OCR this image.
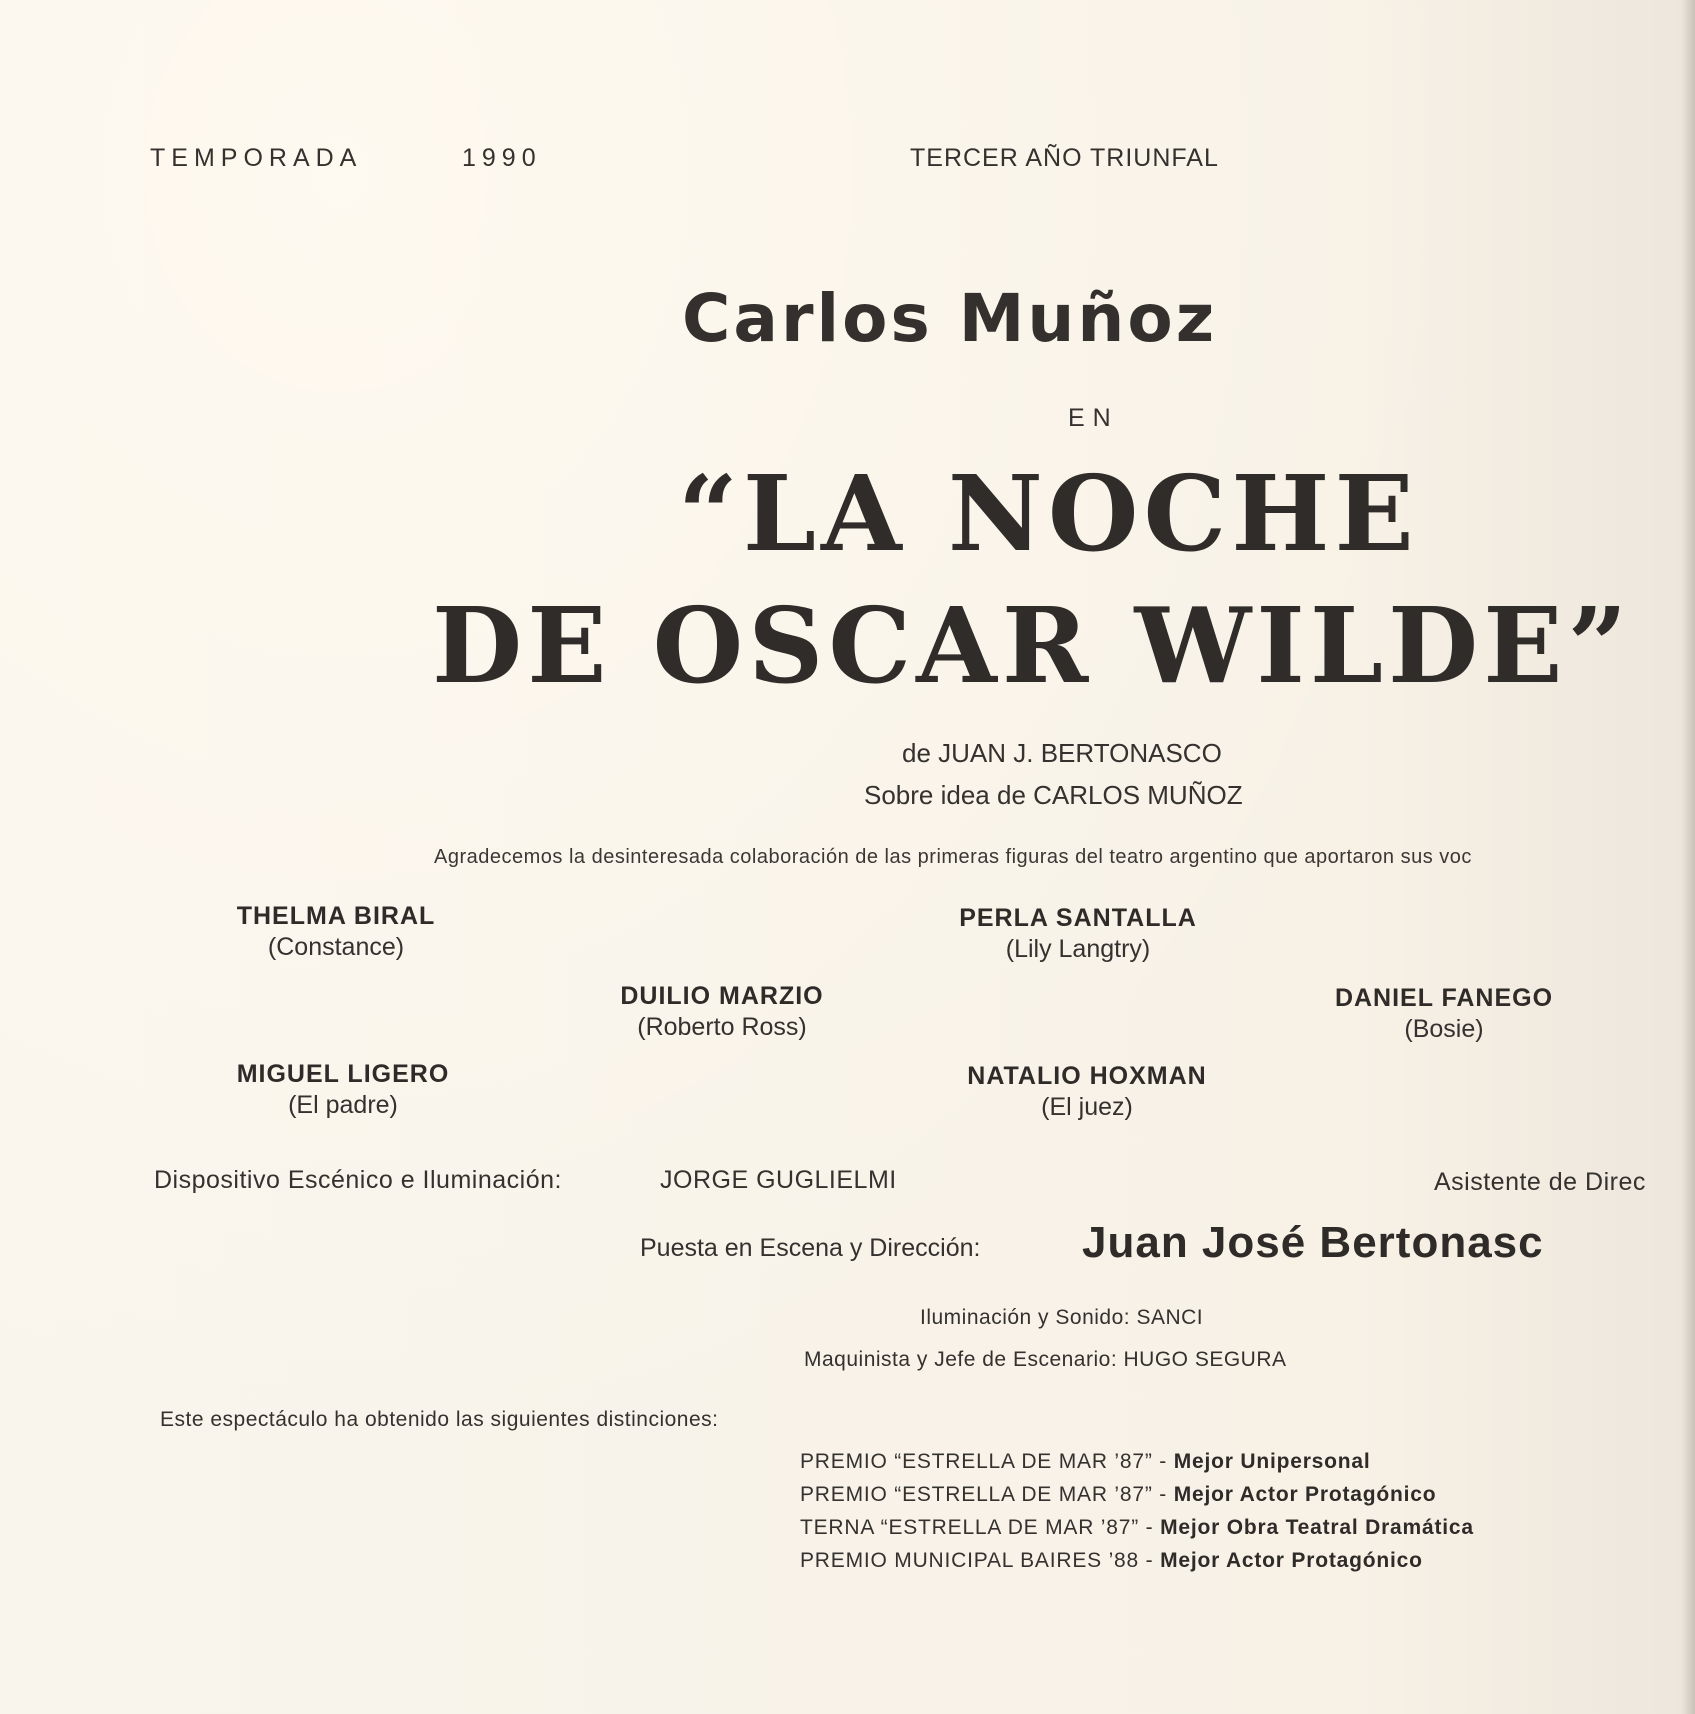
TEMPORADA	1990	TERCER AÑO TRIUNFAL
Carlos Muñoz
EN
“LA NOCHE
DE OSCAR WILDE”
de JUAN J. BERTONASCO
Sobre idea de CARLOS MUÑOZ
Agradecemos la desinteresada colaboración de las primeras figuras del teatro argentino que aportaron sus voc
THELMA BIRAL
(Constance)
PERLA SANTALLA
(Lily Langtry)
DUILIO MARZIO
(Roberto Ross)
DANIEL FANEGO
(Bosie)
MIGUEL LIGERO
(El padre)
NATALIO HOXMAN
(El juez)
Dispositivo Escénico e Iluminación:	JORGE GUGLIELMI	Asistente de Direc
Puesta en Escena y Dirección: Juan José Bertonasc
Iluminación y Sonido: SANCI
Maquinista y Jefe de Escenario: HUGO SEGURA
Este espectáculo ha obtenido las siguientes distinciones:
PREMIO “ESTRELLA DE MAR ’87” - Mejor Unipersonal
PREMIO “ESTRELLA DE MAR ’87” - Mejor Actor Protagónico
TERNA “ESTRELLA DE MAR ’87” - Mejor Obra Teatral Dramática
PREMIO MUNICIPAL BAIRES ’88 - Mejor Actor Protagónico
